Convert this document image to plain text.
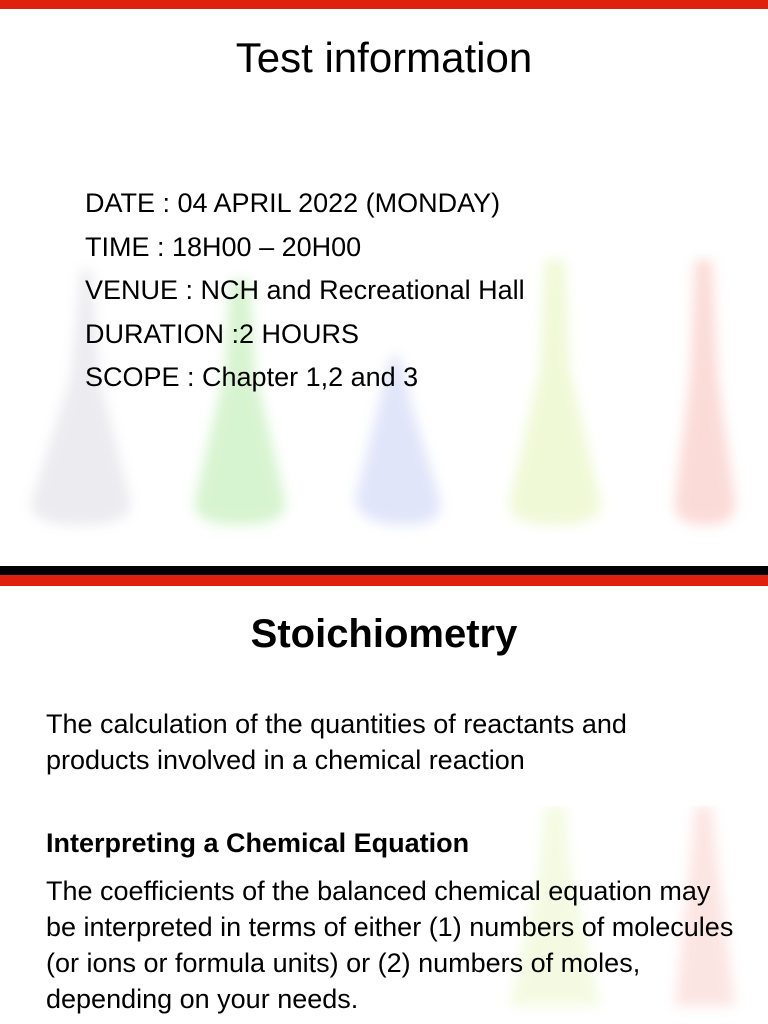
Test information
DATE : 04 APRIL 2022 (MONDAY)
TIME : 18H00 – 20H00
VENUE : NCH and Recreational Hall
DURATION :2 HOURS
SCOPE : Chapter 1,2 and 3
Stoichiometry

The calculation of the quantities of reactants and products involved in a chemical reaction

Interpreting a Chemical Equation

The coefficients of the balanced chemical equation may be interpreted in terms of either (1) numbers of molecules (or ions or formula units) or (2) numbers of moles, depending on your needs.
